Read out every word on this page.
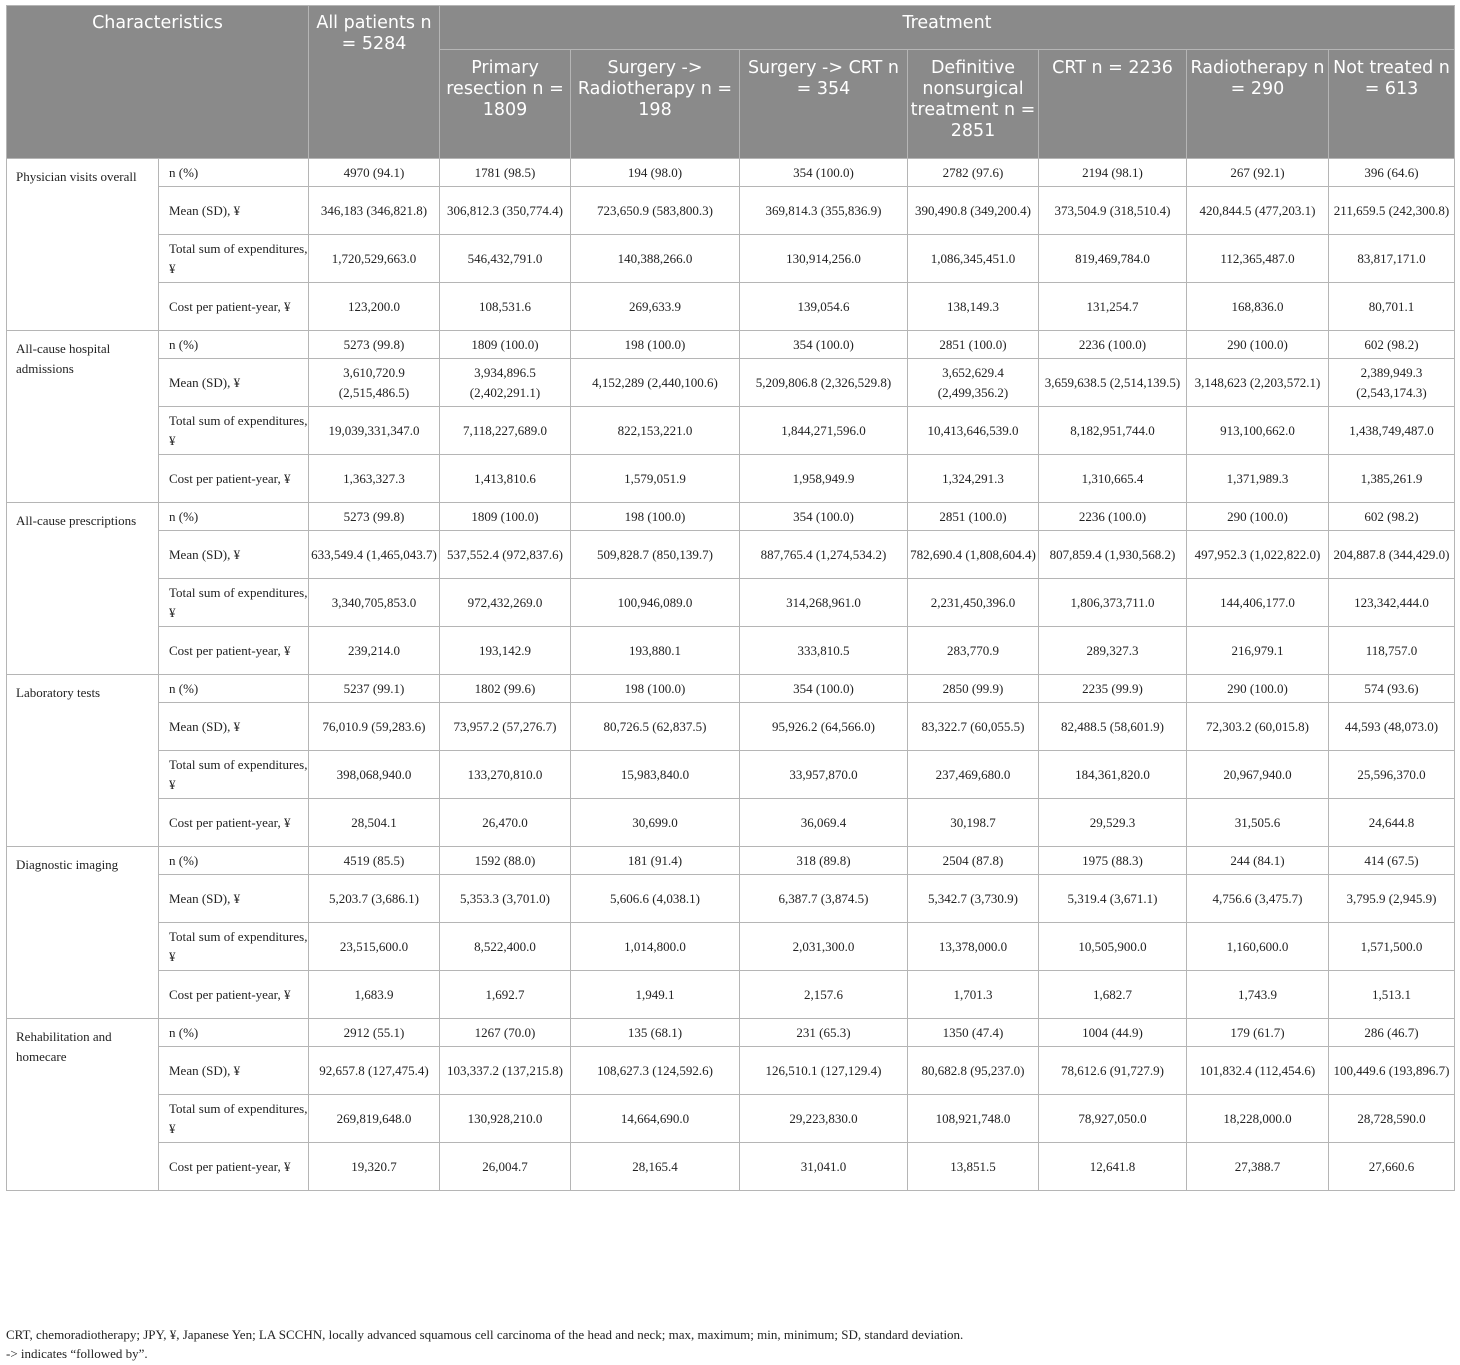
Characteristics		All patients n = 5284	Treatment						
			Primary resection n = 1809	Surgery -> Radiotherapy n = 198	Surgery -> CRT n = 354	Definitive nonsurgical treatment n = 2851	CRT n = 2236	Radiotherapy n = 290	Not treated n = 613
Physician visits overall	n (%)	4970 (94.1)	1781 (98.5)	194 (98.0)	354 (100.0)	2782 (97.6)	2194 (98.1)	267 (92.1)	396 (64.6)
	Mean (SD), ¥	346,183 (346,821.8)	306,812.3 (350,774.4)	723,650.9 (583,800.3)	369,814.3 (355,836.9)	390,490.8 (349,200.4)	373,504.9 (318,510.4)	420,844.5 (477,203.1)	211,659.5 (242,300.8)
	Total sum of expenditures, ¥	1,720,529,663.0	546,432,791.0	140,388,266.0	130,914,256.0	1,086,345,451.0	819,469,784.0	112,365,487.0	83,817,171.0
	Cost per patient-year, ¥	123,200.0	108,531.6	269,633.9	139,054.6	138,149.3	131,254.7	168,836.0	80,701.1
All-cause hospital admissions	n (%)	5273 (99.8)	1809 (100.0)	198 (100.0)	354 (100.0)	2851 (100.0)	2236 (100.0)	290 (100.0)	602 (98.2)
	Mean (SD), ¥	3,610,720.9 (2,515,486.5)	3,934,896.5 (2,402,291.1)	4,152,289 (2,440,100.6)	5,209,806.8 (2,326,529.8)	3,652,629.4 (2,499,356.2)	3,659,638.5 (2,514,139.5)	3,148,623 (2,203,572.1)	2,389,949.3 (2,543,174.3)
	Total sum of expenditures, ¥	19,039,331,347.0	7,118,227,689.0	822,153,221.0	1,844,271,596.0	10,413,646,539.0	8,182,951,744.0	913,100,662.0	1,438,749,487.0
	Cost per patient-year, ¥	1,363,327.3	1,413,810.6	1,579,051.9	1,958,949.9	1,324,291.3	1,310,665.4	1,371,989.3	1,385,261.9
All-cause prescriptions	n (%)	5273 (99.8)	1809 (100.0)	198 (100.0)	354 (100.0)	2851 (100.0)	2236 (100.0)	290 (100.0)	602 (98.2)
	Mean (SD), ¥	633,549.4 (1,465,043.7)	537,552.4 (972,837.6)	509,828.7 (850,139.7)	887,765.4 (1,274,534.2)	782,690.4 (1,808,604.4)	807,859.4 (1,930,568.2)	497,952.3 (1,022,822.0)	204,887.8 (344,429.0)
	Total sum of expenditures, ¥	3,340,705,853.0	972,432,269.0	100,946,089.0	314,268,961.0	2,231,450,396.0	1,806,373,711.0	144,406,177.0	123,342,444.0
	Cost per patient-year, ¥	239,214.0	193,142.9	193,880.1	333,810.5	283,770.9	289,327.3	216,979.1	118,757.0
Laboratory tests	n (%)	5237 (99.1)	1802 (99.6)	198 (100.0)	354 (100.0)	2850 (99.9)	2235 (99.9)	290 (100.0)	574 (93.6)
	Mean (SD), ¥	76,010.9 (59,283.6)	73,957.2 (57,276.7)	80,726.5 (62,837.5)	95,926.2 (64,566.0)	83,322.7 (60,055.5)	82,488.5 (58,601.9)	72,303.2 (60,015.8)	44,593 (48,073.0)
	Total sum of expenditures, ¥	398,068,940.0	133,270,810.0	15,983,840.0	33,957,870.0	237,469,680.0	184,361,820.0	20,967,940.0	25,596,370.0
	Cost per patient-year, ¥	28,504.1	26,470.0	30,699.0	36,069.4	30,198.7	29,529.3	31,505.6	24,644.8
Diagnostic imaging	n (%)	4519 (85.5)	1592 (88.0)	181 (91.4)	318 (89.8)	2504 (87.8)	1975 (88.3)	244 (84.1)	414 (67.5)
	Mean (SD), ¥	5,203.7 (3,686.1)	5,353.3 (3,701.0)	5,606.6 (4,038.1)	6,387.7 (3,874.5)	5,342.7 (3,730.9)	5,319.4 (3,671.1)	4,756.6 (3,475.7)	3,795.9 (2,945.9)
	Total sum of expenditures, ¥	23,515,600.0	8,522,400.0	1,014,800.0	2,031,300.0	13,378,000.0	10,505,900.0	1,160,600.0	1,571,500.0
	Cost per patient-year, ¥	1,683.9	1,692.7	1,949.1	2,157.6	1,701.3	1,682.7	1,743.9	1,513.1
Rehabilitation and homecare	n (%)	2912 (55.1)	1267 (70.0)	135 (68.1)	231 (65.3)	1350 (47.4)	1004 (44.9)	179 (61.7)	286 (46.7)
	Mean (SD), ¥	92,657.8 (127,475.4)	103,337.2 (137,215.8)	108,627.3 (124,592.6)	126,510.1 (127,129.4)	80,682.8 (95,237.0)	78,612.6 (91,727.9)	101,832.4 (112,454.6)	100,449.6 (193,896.7)
	Total sum of expenditures, ¥	269,819,648.0	130,928,210.0	14,664,690.0	29,223,830.0	108,921,748.0	78,927,050.0	18,228,000.0	28,728,590.0
	Cost per patient-year, ¥	19,320.7	26,004.7	28,165.4	31,041.0	13,851.5	12,641.8	27,388.7	27,660.6
CRT, chemoradiotherapy; JPY, ¥, Japanese Yen; LA SCCHN, locally advanced squamous cell carcinoma of the head and neck; max, maximum; min, minimum; SD, standard deviation.
-> indicates “followed by”.
